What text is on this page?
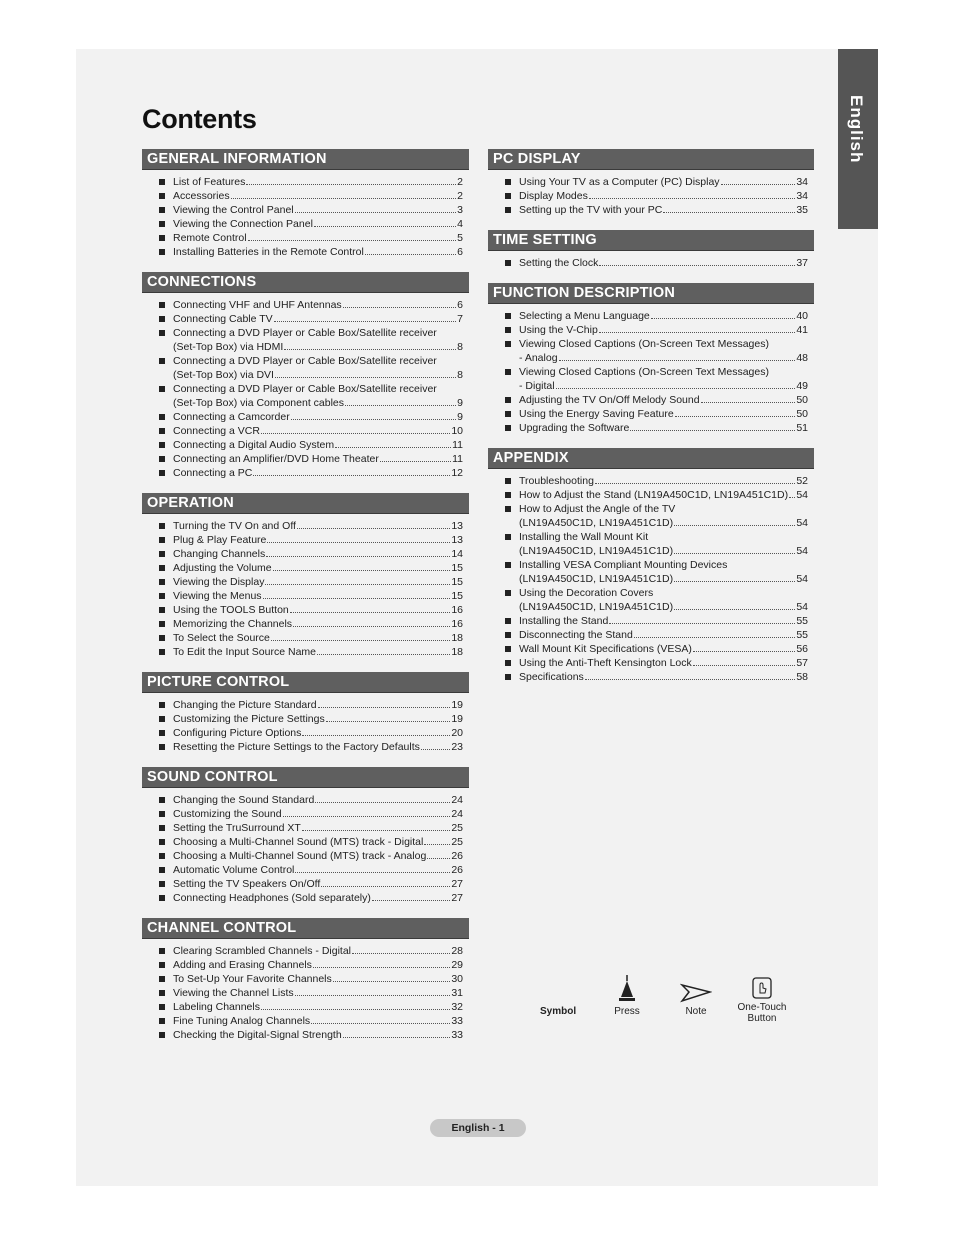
English
Contents
GENERAL INFORMATION
List of Features	2
Accessories	2
Viewing the Control Panel	3
Viewing the Connection Panel	4
Remote Control	5
Installing Batteries in the Remote Control	6
CONNECTIONS
Connecting VHF and UHF Antennas	6
Connecting Cable TV	7
Connecting a DVD Player or Cable Box/Satellite receiver
(Set-Top Box) via HDMI	8
Connecting a DVD Player or Cable Box/Satellite receiver
(Set-Top Box) via DVI	8
Connecting a DVD Player or Cable Box/Satellite receiver
(Set-Top Box) via Component cables	9
Connecting a Camcorder	9
Connecting a VCR	10
Connecting a Digital Audio System	11
Connecting an Amplifier/DVD Home Theater	11
Connecting a PC	12
OPERATION
Turning the TV On and Off	13
Plug & Play Feature	13
Changing Channels	14
Adjusting the Volume	15
Viewing the Display	15
Viewing the Menus	15
Using the TOOLS Button	16
Memorizing the Channels	16
To Select the Source	18
To Edit the Input Source Name	18
PICTURE CONTROL
Changing the Picture Standard	19
Customizing the Picture Settings	19
Configuring Picture Options	20
Resetting the Picture Settings to the Factory Defaults	23
SOUND CONTROL
Changing the Sound Standard	24
Customizing the Sound	24
Setting the TruSurround XT	25
Choosing a Multi-Channel Sound (MTS) track - Digital	25
Choosing a Multi-Channel Sound (MTS) track - Analog 26
Automatic Volume Control	26
Setting the TV Speakers On/Off	27
Connecting Headphones (Sold separately)	27
CHANNEL CONTROL
Clearing Scrambled Channels - Digital	28
Adding and Erasing Channels	29
To Set-Up Your Favorite Channels	30
Viewing the Channel Lists	31
Labeling Channels	32
Fine Tuning Analog Channels	33
Checking the Digital-Signal Strength	33
PC DISPLAY
Using Your TV as a Computer (PC) Display	34
Display Modes	34
Setting up the TV with your PC	35
TIME SETTING
Setting the Clock	37
FUNCTION DESCRIPTION
Selecting a Menu Language	40
Using the V-Chip	41
Viewing Closed Captions (On-Screen Text Messages)
- Analog	48
Viewing Closed Captions (On-Screen Text Messages)
- Digital	49
Adjusting the TV On/Off Melody Sound	50
Using the Energy Saving Feature	50
Upgrading the Software	51
APPENDIX
Troubleshooting	52
How to Adjust the Stand (LN19A450C1D, LN19A451C1D) 54
How to Adjust the Angle of the TV
(LN19A450C1D, LN19A451C1D)	54
Installing the Wall Mount Kit
(LN19A450C1D, LN19A451C1D)	54
Installing VESA Compliant Mounting Devices
(LN19A450C1D, LN19A451C1D)	54
Using the Decoration Covers
(LN19A450C1D, LN19A451C1D)	54
Installing the Stand	55
Disconnecting the Stand	55
Wall Mount Kit Specifications (VESA)	56
Using the Anti-Theft Kensington Lock	57
Specifications	58
Symbol	Press	Note	One-Touch
Button
English - 1
